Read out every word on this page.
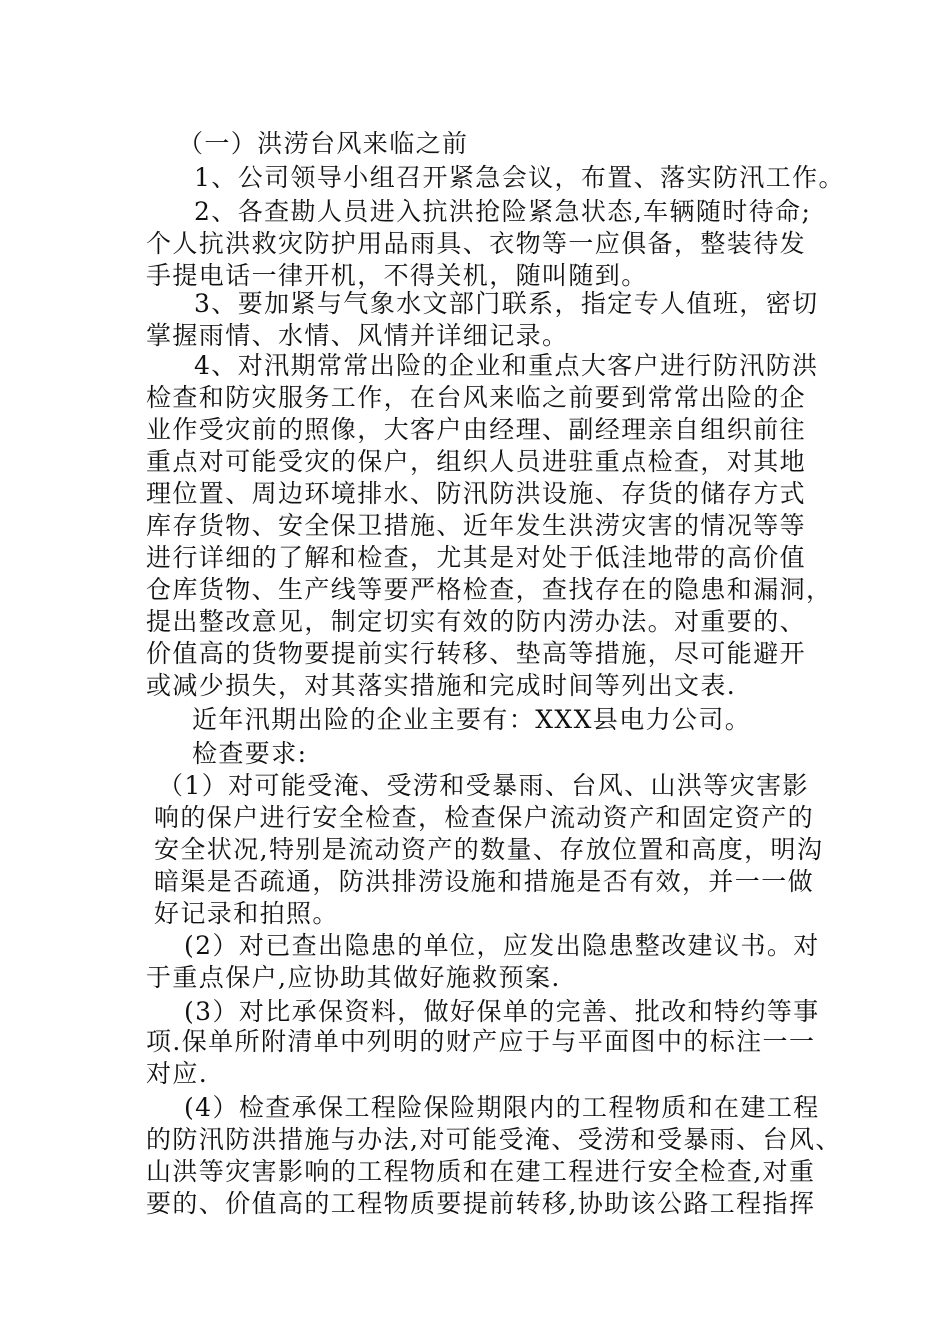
（一）洪涝台风来临之前
1、公司领导小组召开紧急会议，布置、落实防汛工作。
2、各查勘人员进入抗洪抢险紧急状态,车辆随时待命;
个人抗洪救灾防护用品雨具、衣物等一应俱备，整装待发
手提电话一律开机，不得关机，随叫随到。
3、要加紧与气象水文部门联系，指定专人值班，密切
掌握雨情、水情、风情并详细记录。
4、对汛期常常出险的企业和重点大客户进行防汛防洪
检查和防灾服务工作，在台风来临之前要到常常出险的企
业作受灾前的照像，大客户由经理、副经理亲自组织前往
重点对可能受灾的保户，组织人员进驻重点检查，对其地
理位置、周边环境排水、防汛防洪设施、存货的储存方式
库存货物、安全保卫措施、近年发生洪涝灾害的情况等等
进行详细的了解和检查，尤其是对处于低洼地带的高价值
仓库货物、生产线等要严格检查，查找存在的隐患和漏洞，
提出整改意见，制定切实有效的防内涝办法。对重要的、
价值高的货物要提前实行转移、垫高等措施，尽可能避开
或减少损失，对其落实措施和完成时间等列出文表.
近年汛期出险的企业主要有：XXX县电力公司。
检查要求:
（1）对可能受淹、受涝和受暴雨、台风、山洪等灾害影
响的保户进行安全检查，检查保户流动资产和固定资产的
安全状况,特别是流动资产的数量、存放位置和高度，明沟
暗渠是否疏通，防洪排涝设施和措施是否有效，并一一做
好记录和拍照。
(2）对已查出隐患的单位，应发出隐患整改建议书。对
于重点保户,应协助其做好施救预案.
(3）对比承保资料，做好保单的完善、批改和特约等事
项.保单所附清单中列明的财产应于与平面图中的标注一一
对应.
(4）检查承保工程险保险期限内的工程物质和在建工程
的防汛防洪措施与办法,对可能受淹、受涝和受暴雨、台风、
山洪等灾害影响的工程物质和在建工程进行安全检查,对重
要的、价值高的工程物质要提前转移,协助该公路工程指挥
